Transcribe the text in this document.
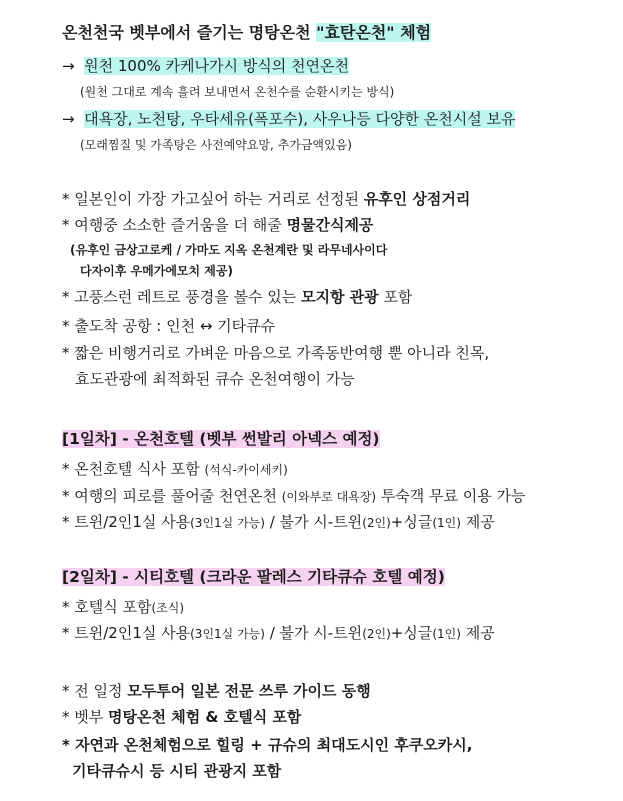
온천천국 벳부에서 즐기는 명탕온천 "효탄온천" 체험
→ 원천 100% 카케나가시 방식의 천연온천
(원천 그대로 계속 흘려 보내면서 온천수를 순환시키는 방식)
→ 대욕장, 노천탕, 우타세유(폭포수), 사우나등 다양한 온천시설 보유
(모래찜질 및 가족탕은 사전예약요망, 추가금액있음)
* 일본인이 가장 가고싶어 하는 거리로 선정된 유후인 상점거리
* 여행중 소소한 즐거움을 더 해줄 명물간식제공
(유후인 금상고로케 / 가마도 지옥 온천계란 및 라무네사이다
다자이후 우메가에모치 제공)
* 고풍스런 레트로 풍경을 볼수 있는 모지항 관광 포함
* 출도착 공항 : 인천 ↔ 기타큐슈
* 짧은 비행거리로 가벼운 마음으로 가족동반여행 뿐 아니라 친목,
효도관광에 최적화된 큐슈 온천여행이 가능
[1일차] - 온천호텔 (벳부 썬발리 아넥스 예정)
* 온천호텔 식사 포함 (석식-카이세키)
* 여행의 피로를 풀어줄 천연온천 (이와부로 대욕장) 투숙객 무료 이용 가능
* 트윈/2인1실 사용(3인1실 가능) / 불가 시-트윈(2인)+싱글(1인) 제공
[2일차] - 시티호텔 (크라운 팔레스 기타큐슈 호텔 예정)
* 호텔식 포함(조식)
* 트윈/2인1실 사용(3인1실 가능) / 불가 시-트윈(2인)+싱글(1인) 제공
* 전 일정 모두투어 일본 전문 쓰루 가이드 동행
* 벳부 명탕온천 체험 & 호텔식 포함
* 자연과 온천체험으로 힐링 + 규슈의 최대도시인 후쿠오카시,
기타큐슈시 등 시티 관광지 포함
